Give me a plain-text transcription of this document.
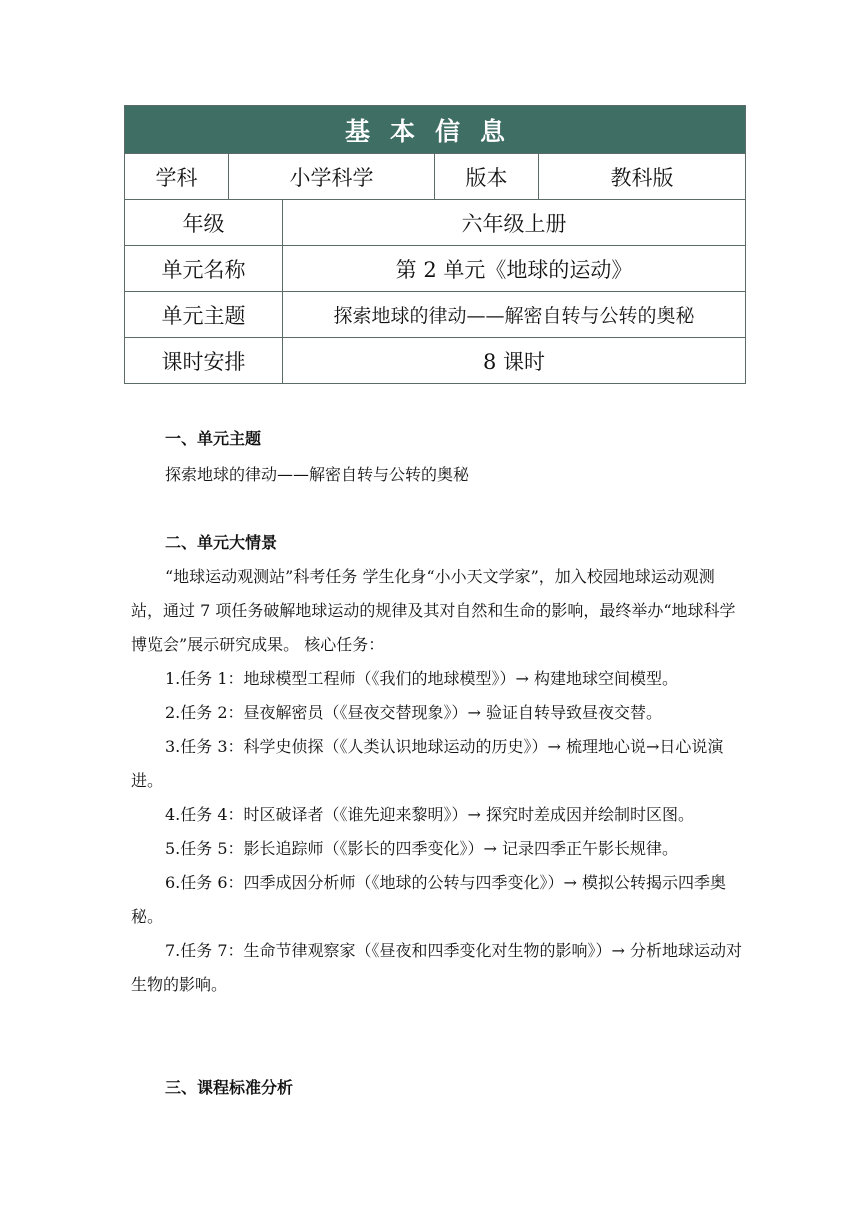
基本信息				
学科	小学科学		版本	教科版
年级		六年级上册		
单元名称		第 2 单元《地球的运动》		
单元主题		探索地球的律动——解密自转与公转的奥秘		
课时安排		8 课时		
一、单元主题
探索地球的律动——解密自转与公转的奥秘
二、单元大情景

“地球运动观测站”科考任务 学生化身“小小天文学家”，加入校园地球运动观测站，通过 7 项任务破解地球运动的规律及其对自然和生命的影响，最终举办“地球科学博览会”展示研究成果。 核心任务：

1.任务 1：地球模型工程师（《我们的地球模型》）→ 构建地球空间模型。

2.任务 2：昼夜解密员（《昼夜交替现象》）→ 验证自转导致昼夜交替。

3.任务 3：科学史侦探（《人类认识地球运动的历史》）→ 梳理地心说→日心说演进。

4.任务 4：时区破译者（《谁先迎来黎明》）→ 探究时差成因并绘制时区图。

5.任务 5：影长追踪师（《影长的四季变化》）→ 记录四季正午影长规律。

6.任务 6：四季成因分析师（《地球的公转与四季变化》）→ 模拟公转揭示四季奥秘。

7.任务 7：生命节律观察家（《昼夜和四季变化对生物的影响》）→ 分析地球运动对生物的影响。

三、课程标准分析
